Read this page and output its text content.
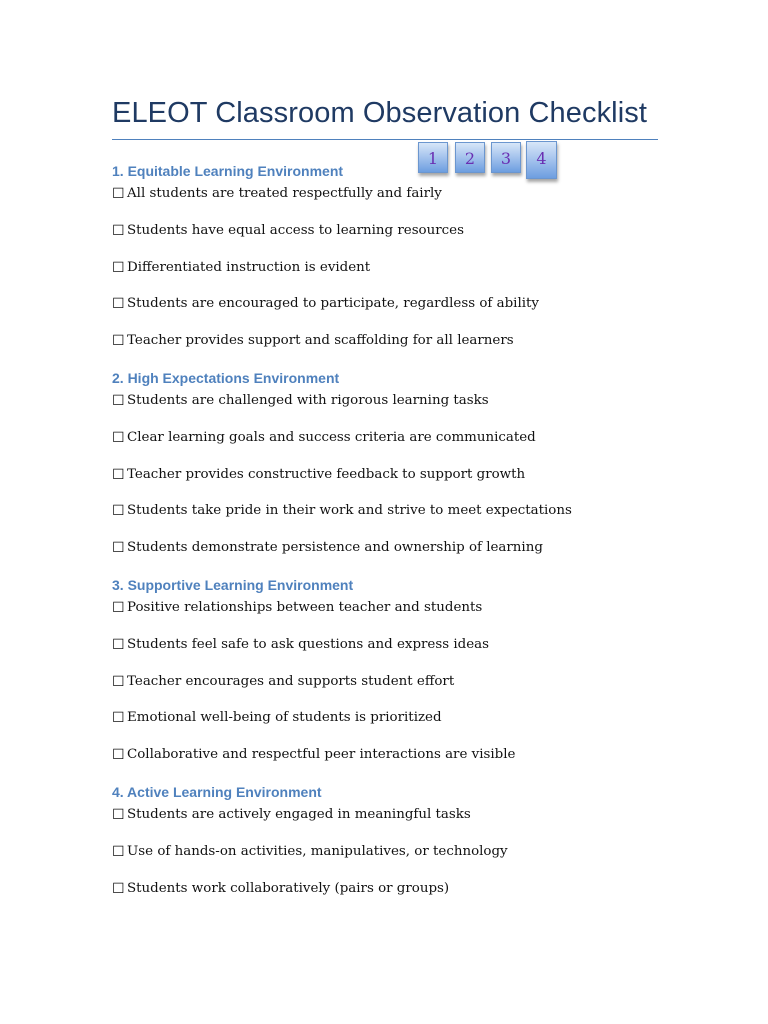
ELEOT Classroom Observation Checklist
1	2	3	4
1. Equitable Learning Environment
☐ All students are treated respectfully and fairly
☐ Students have equal access to learning resources
☐ Differentiated instruction is evident
☐ Students are encouraged to participate, regardless of ability
☐ Teacher provides support and scaffolding for all learners
2. High Expectations Environment
☐ Students are challenged with rigorous learning tasks
☐ Clear learning goals and success criteria are communicated
☐ Teacher provides constructive feedback to support growth
☐ Students take pride in their work and strive to meet expectations
☐ Students demonstrate persistence and ownership of learning
3. Supportive Learning Environment
☐ Positive relationships between teacher and students
☐ Students feel safe to ask questions and express ideas
☐ Teacher encourages and supports student effort
☐ Emotional well-being of students is prioritized
☐ Collaborative and respectful peer interactions are visible
4. Active Learning Environment
☐ Students are actively engaged in meaningful tasks
☐ Use of hands-on activities, manipulatives, or technology
☐ Students work collaboratively (pairs or groups)
